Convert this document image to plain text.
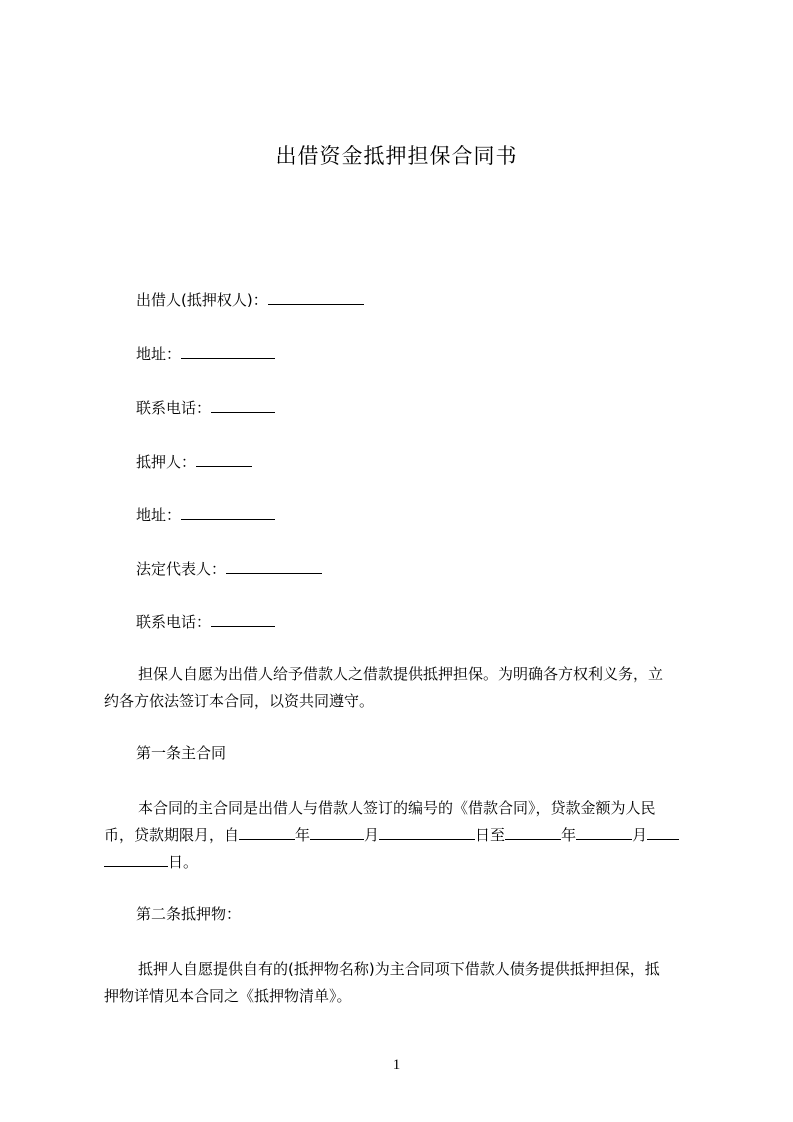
出借资金抵押担保合同书
出借人(抵押权人)：
地址：
联系电话：
抵押人：
地址：
法定代表人：
联系电话：
担保人自愿为出借人给予借款人之借款提供抵押担保。为明确各方权利义务，立
约各方依法签订本合同，以资共同遵守。
第一条主合同
本合同的主合同是出借人与借款人签订的编号的《借款合同》，贷款金额为人民
币，贷款期限月，自	年	月	日至	年	月
日。
第二条抵押物：
抵押人自愿提供自有的(抵押物名称)为主合同项下借款人债务提供抵押担保，抵
押物详情见本合同之《抵押物清单》。
1
